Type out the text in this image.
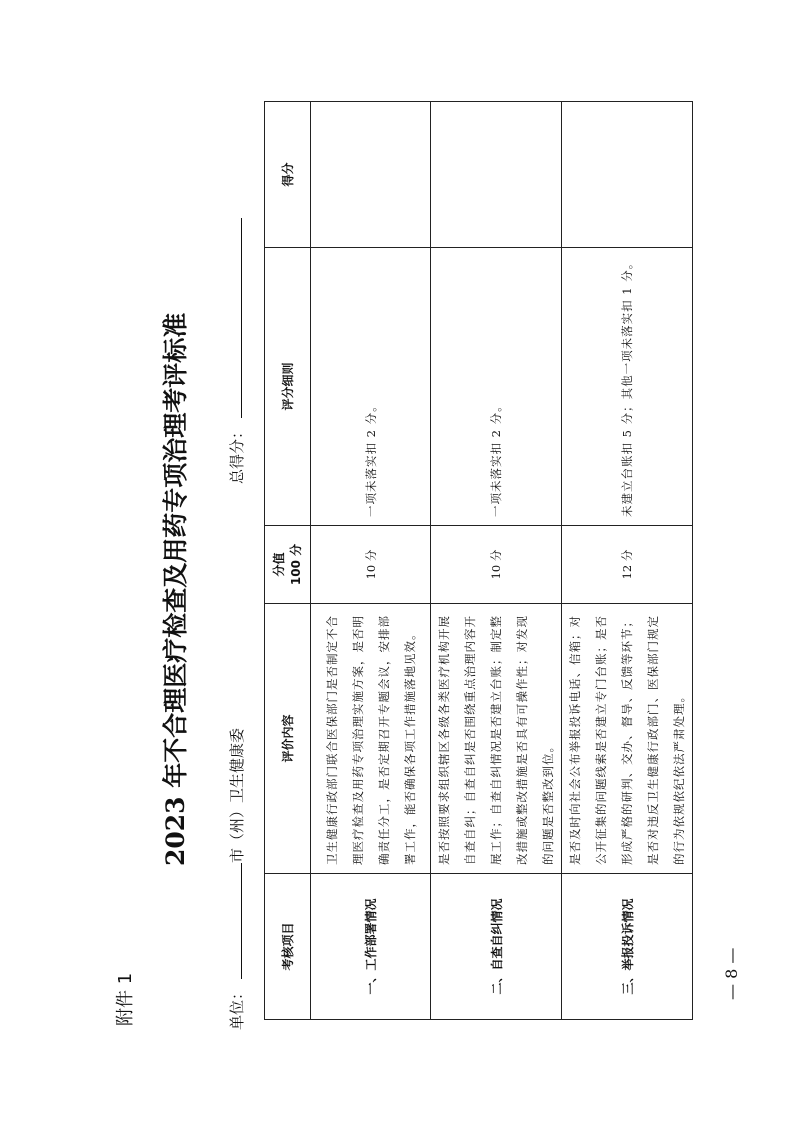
附件 1
2023 年不合理医疗检查及用药专项治理考评标准
单位：市（州）卫生健康委
总得分：
考核项目	评价内容	分值 100 分	评分细则	得分
一、工作部署情况	卫生健康行政部门联合医保部门是否制定不合理医疗检查及用药专项治理实施方案，是否明确责任分工，是否定期召开专题会议，安排部署工作，能否确保各项工作措施落地见效。	10 分	一项未落实扣 2 分。	
二、自查自纠情况	是否按照要求组织辖区各级各类医疗机构开展自查自纠；自查自纠是否围绕重点治理内容开展工作；自查自纠情况是否建立台账；制定整改措施或整改措施是否具有可操作性；对发现的问题是否整改到位。	10 分	一项未落实扣 2 分。	
三、举报投诉情况	是否及时向社会公布举报投诉电话、信箱；对公开征集的问题线索是否建立专门台账；是否形成严格的研判、交办、督导、反馈等环节；是否对违反卫生健康行政部门、医保部门规定的行为依规依纪依法严肃处理。	12 分	未建立台账扣 5 分；其他一项未落实扣 1 分。	
— 8 —
